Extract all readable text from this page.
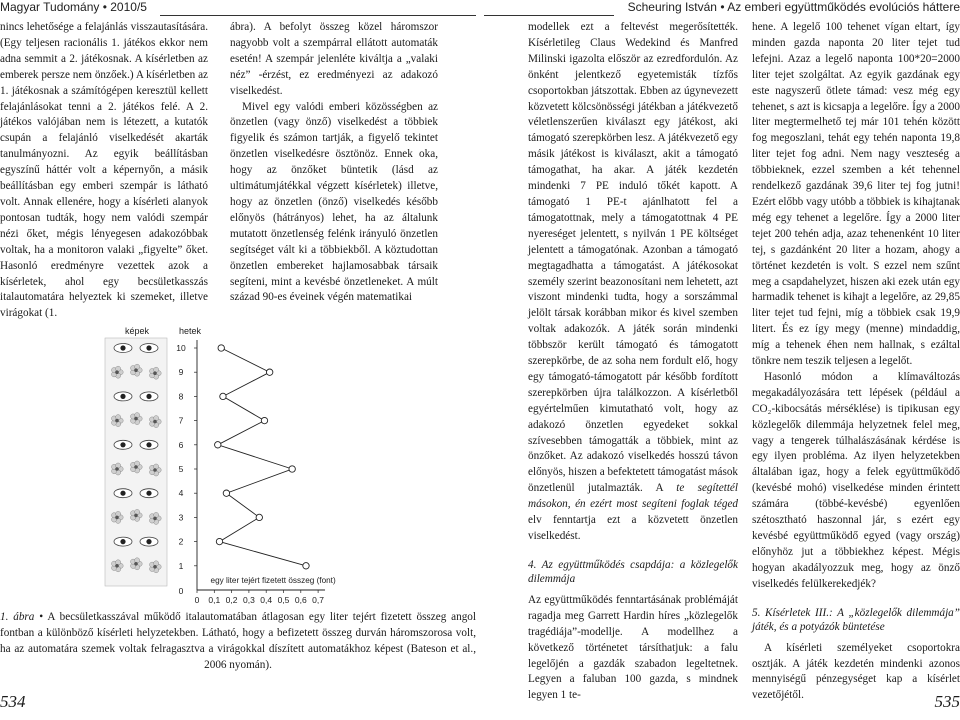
Magyar Tudomány • 2010/5	Scheuring István • Az emberi együttműködés evolúciós háttere

nincs lehetősége a felajánlás visszautasítására. (Egy teljesen racionális 1. játékos ekkor nem adna semmit a 2. játékosnak. A kísérletben az emberek persze nem önzőek.) A kísérletben az 1. játékosnak a számítógépen keresztül kellett felajánlásokat tenni a 2. játékos felé. A 2. játékos valójában nem is létezett, a kutatók csupán a felajánló viselkedését akarták tanulmányozni. Az egyik beállításban egyszínű háttér volt a képernyőn, a másik beállításban egy emberi szempár is látható volt. Annak ellenére, hogy a kísérleti alanyok pontosan tudták, hogy nem valódi szempár nézi őket, mégis lényegesen adakozóbbak voltak, ha a monitoron valaki „figyelte” őket. Hasonló eredményre vezettek azok a kísérletek, ahol egy becsületkasszás italautomatára helyeztek ki szemeket, illetve virágokat (1.

ábra). A befolyt összeg közel háromszor nagyobb volt a szempárral ellátott automaták esetén! A szempár jelenléte kiváltja a „valaki néz” -érzést, ez eredményezi az adakozó viselkedést.

Mivel egy valódi emberi közösségben az önzetlen (vagy önző) viselkedést a többiek figyelik és számon tartják, a figyelő tekintet önzetlen viselkedésre ösztönöz. Ennek oka, hogy az önzőket büntetik (lásd az ultimátumjátékkal végzett kísérletek) illetve, hogy az önzetlen (önző) viselkedés később előnyös (hátrányos) lehet, ha az általunk mutatott önzetlenség felénk irányuló önzetlen segítséget vált ki a többiekből. A köztudottan önzetlen embereket hajlamosabbak társaik segíteni, mint a kevésbé önzetleneket. A múlt század 90-es éveinek végén matematikai

képek	hetek
1
2
3
4
5
6
7
8
9
10
0
0 0,1 0,2 0,3 0,4 0,5 0,6 0,7
egy liter tejért fizetett összeg (font)
1. ábra • A becsületkasszával működő italautomatában átlagosan egy liter tejért fizetett összeg angol fontban a különböző kísérleti helyzetekben. Látható, hogy a befizetett összeg durván háromszorosa volt, ha az automatára szemek voltak felragasztva a virágokkal díszített automatákhoz képest (Bateson et al., 2006 nyomán).
534	535

modellek ezt a feltevést megerősítették. Kísérletileg Claus Wedekind és Manfred Milinski igazolta először az ezredfordulón. Az önként jelentkező egyetemisták tízfős csoportokban játszottak. Ebben az úgynevezett közvetett kölcsönösségi játékban a játékvezető véletlenszerűen kiválaszt egy játékost, aki támogató szerepkörben lesz. A játékvezető egy másik játékost is kiválaszt, akit a támogató támogathat, ha akar. A játék kezdetén mindenki 7 PE induló tőkét kapott. A támogató 1 PE-t ajánlhatott fel a támogatottnak, mely a támogatottnak 4 PE nyereséget jelentett, s nyilván 1 PE költséget jelentett a támogatónak. Azonban a támogató megtagadhatta a támogatást. A játékosokat személy szerint beazonosítani nem lehetett, azt viszont mindenki tudta, hogy a sorszámmal jelölt társak korábban mikor és kivel szemben voltak adakozók. A játék során mindenki többször került támogató és támogatott szerepkörbe, de az soha nem fordult elő, hogy egy támogató-támogatott pár később fordított szerepkörben újra találkozzon. A kísérletből egyértelműen kimutatható volt, hogy az adakozó önzetlen egyedeket sokkal szívesebben támogatták a többiek, mint az önzőket. Az adakozó viselkedés hosszú távon előnyös, hiszen a befektetett támogatást mások önzetlenül jutalmazták. A te segítettél másokon, én ezért most segíteni foglak téged elv fenntartja ezt a közvetett önzetlen viselkedést.

4. Az együttműködés csapdája: a közlegelők dilemmája

Az együttműködés fenntartásának problémáját ragadja meg Garrett Hardin híres „közlegelők tragédiája”-modellje. A modellhez a következő történetet társíthatjuk: a falu legelőjén a gazdák szabadon legeltetnek. Legyen a faluban 100 gazda, s mindnek legyen 1 te-

hene. A legelő 100 tehenet vígan eltart, így minden gazda naponta 20 liter tejet tud lefejni. Azaz a legelő naponta 100*20=2000 liter tejet szolgáltat. Az egyik gazdának egy este nagyszerű ötlete támad: vesz még egy tehenet, s azt is kicsapja a legelőre. Így a 2000 liter megtermelhető tej már 101 tehén között fog megoszlani, tehát egy tehén naponta 19,8 liter tejet fog adni. Nem nagy veszteség a többieknek, ezzel szemben a két tehennel rendelkező gazdának 39,6 liter tej fog jutni! Ezért előbb vagy utóbb a többiek is kihajtanak még egy tehenet a legelőre. Így a 2000 liter tejet 200 tehén adja, azaz tehenenként 10 liter tej, s gazdánként 20 liter a hozam, ahogy a történet kezdetén is volt. S ezzel nem szűnt meg a csapdahelyzet, hiszen aki ezek után egy harmadik tehenet is kihajt a legelőre, az 29,85 liter tejet tud fejni, míg a többiek csak 19,9 litert. És ez így megy (menne) mindaddig, míg a tehenek éhen nem hallnak, s ezáltal tönkre nem teszik teljesen a legelőt.

Hasonló módon a klímaváltozás megakadályozására tett lépések (például a CO₂-kibocsátás mérséklése) is tipikusan egy közlegelők dilemmája helyzetnek felel meg, vagy a tengerek túlhalászásának kérdése is egy ilyen probléma. Az ilyen helyzetekben általában igaz, hogy a felek együttműködő (kevésbé mohó) viselkedése minden érintett számára (többé-kevésbé) egyenlően szétosztható haszonnal jár, s ezért egy kevésbé együttműködő egyed (vagy ország) előnyhöz jut a többiekhez képest. Mégis hogyan akadályozzuk meg, hogy az önző viselkedés felülkerekedjék?

5. Kísérletek III.: A „közlegelők dilemmája” játék, és a potyázók büntetése

A kísérleti személyeket csoportokra osztják. A játék kezdetén mindenki azonos mennyiségű pénzegységet kap a kísérlet vezetőjétől.
